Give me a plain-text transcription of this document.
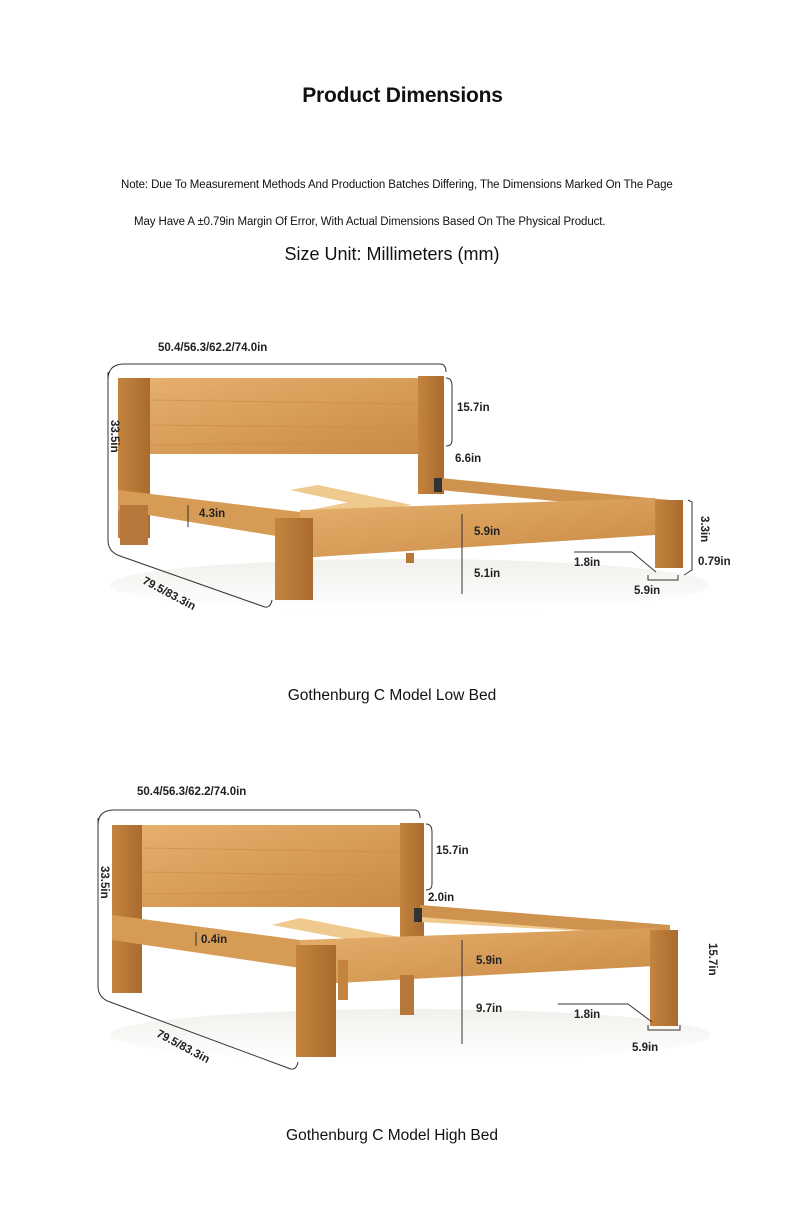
Product Dimensions
Note: Due To Measurement Methods And Production Batches Differing, The Dimensions Marked On The Page
May Have A ±0.79in Margin Of Error, With Actual Dimensions Based On The Physical Product.
Size Unit: Millimeters (mm)
50.4/56.3/62.2/74.0in
33.5in
79.5/83.3in
15.7in
6.6in
4.3in
5.9in
5.1in
3.3in
1.8in	0.79in
5.9in
Gothenburg C Model Low Bed
50.4/56.3/62.2/74.0in
33.5in
79.5/83.3in
15.7in
2.0in
0.4in
5.9in
9.7in
15.7in
1.8in
5.9in
Gothenburg C Model High Bed
